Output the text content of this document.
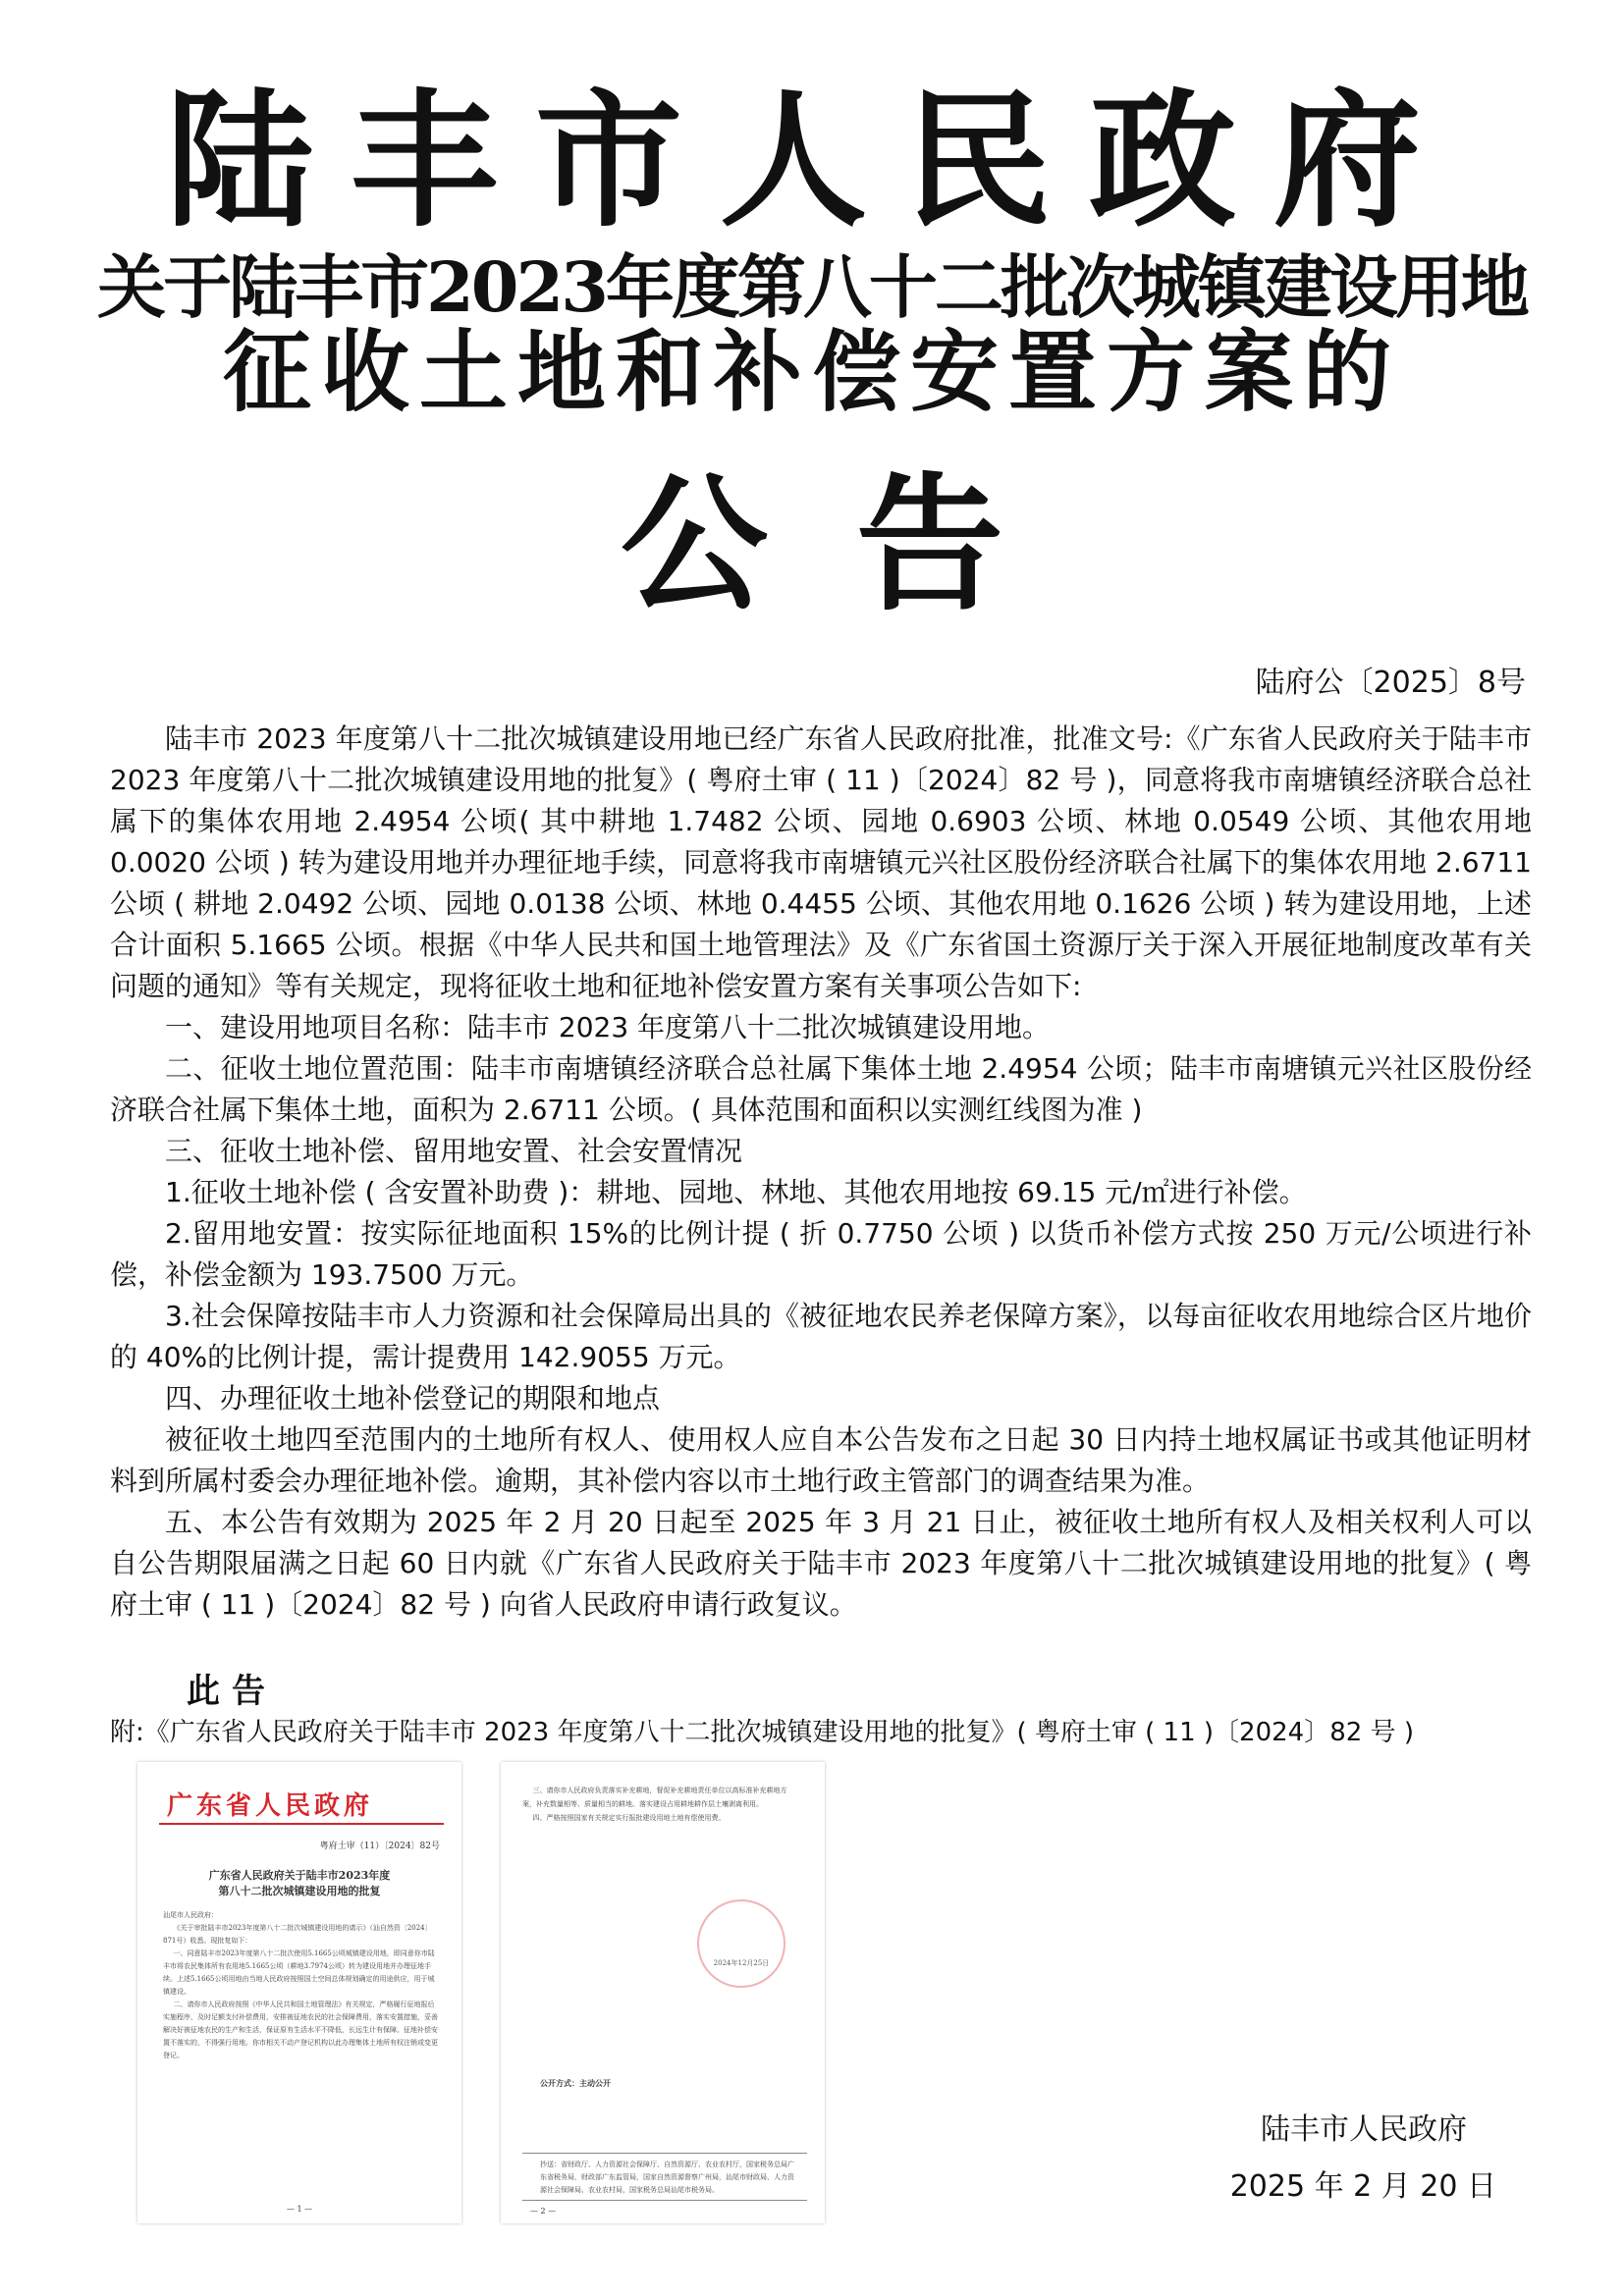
陆丰市人民政府
关于陆丰市2023年度第八十二批次城镇建设用地
征收土地和补偿安置方案的
公告
陆府公〔2025〕8号

陆丰市 2023 年度第八十二批次城镇建设用地已经广东省人民政府批准，批准文号:《广东省人民政府关于陆丰市 2023 年度第八十二批次城镇建设用地的批复》( 粤府土审 ( 11 )〔2024〕82 号 )，同意将我市南塘镇经济联合总社属下的集体农用地 2.4954 公顷( 其中耕地 1.7482 公顷、园地 0.6903 公顷、林地 0.0549 公顷、其他农用地 0.0020 公顷 ) 转为建设用地并办理征地手续，同意将我市南塘镇元兴社区股份经济联合社属下的集体农用地 2.6711 公顷 ( 耕地 2.0492 公顷、园地 0.0138 公顷、林地 0.4455 公顷、其他农用地 0.1626 公顷 ) 转为建设用地，上述合计面积 5.1665 公顷。根据《中华人民共和国土地管理法》及《广东省国土资源厅关于深入开展征地制度改革有关问题的通知》等有关规定，现将征收土地和征地补偿安置方案有关事项公告如下:

一、建设用地项目名称：陆丰市 2023 年度第八十二批次城镇建设用地。

二、征收土地位置范围：陆丰市南塘镇经济联合总社属下集体土地 2.4954 公顷；陆丰市南塘镇元兴社区股份经济联合社属下集体土地，面积为 2.6711 公顷。( 具体范围和面积以实测红线图为准 )

三、征收土地补偿、留用地安置、社会安置情况

1.征收土地补偿 ( 含安置补助费 )：耕地、园地、林地、其他农用地按 69.15 元/㎡进行补偿。

2.留用地安置：按实际征地面积 15%的比例计提 ( 折 0.7750 公顷 ) 以货币补偿方式按 250 万元/公顷进行补偿，补偿金额为 193.7500 万元。

3.社会保障按陆丰市人力资源和社会保障局出具的《被征地农民养老保障方案》，以每亩征收农用地综合区片地价的 40%的比例计提，需计提费用 142.9055 万元。

四、办理征收土地补偿登记的期限和地点

被征收土地四至范围内的土地所有权人、使用权人应自本公告发布之日起 30 日内持土地权属证书或其他证明材料到所属村委会办理征地补偿。逾期，其补偿内容以市土地行政主管部门的调查结果为准。

五、本公告有效期为 2025 年 2 月 20 日起至 2025 年 3 月 21 日止，被征收土地所有权人及相关权利人可以自公告期限届满之日起 60 日内就《广东省人民政府关于陆丰市 2023 年度第八十二批次城镇建设用地的批复》( 粤府土审 ( 11 )〔2024〕82 号 ) 向省人民政府申请行政复议。

此告
附:《广东省人民政府关于陆丰市 2023 年度第八十二批次城镇建设用地的批复》( 粤府土审 ( 11 )〔2024〕82 号 )
广东省人民政府
粤府土审（11）〔2024〕82号
广东省人民政府关于陆丰市2023年度
第八十二批次城镇建设用地的批复
汕尾市人民政府：

《关于审批陆丰市2023年度第八十二批次城镇建设用地的请示》（汕自然资〔2024〕871号）收悉。现批复如下：

一、同意陆丰市2023年度第八十二批次使用5.1665公顷城镇建设用地，即同意你市陆丰市将农民集体所有农用地5.1665公顷（耕地3.7974公顷）转为建设用地并办理征地手续。上述5.1665公顷用地由当地人民政府按照国土空间总体规划确定的用途供应，用于城镇建设。

二、请你市人民政府按照《中华人民共和国土地管理法》有关规定，严格履行征地报后实施程序，及时足额支付补偿费用，安排被征地农民的社会保障费用，落实安置措施，妥善解决好被征地农民的生产和生活，保证原有生活水平不降低，长远生计有保障。征地补偿安置不落实的，不得强行用地。你市相关不动产登记机构以此办理集体土地所有权注销或变更登记。

— 1 —

三、请你市人民政府负责落实补充耕地，督促补充耕地责任单位以高标准补充耕地方案，补充数量相等、质量相当的耕地。落实建设占用耕地耕作层土壤剥离利用。

四、严格按照国家有关规定实行报批建设用地土地有偿使用费。

2024年12月25日
公开方式：主动公开
抄送：省财政厅、人力资源社会保障厅、自然资源厅、农业农村厅，国家税务总局广东省税务局，财政部广东监管局，国家自然资源督察广州局，汕尾市财政局、人力资源社会保障局、农业农村局，国家税务总局汕尾市税务局。
— 2 —
陆丰市人民政府
2025 年 2 月 20 日
